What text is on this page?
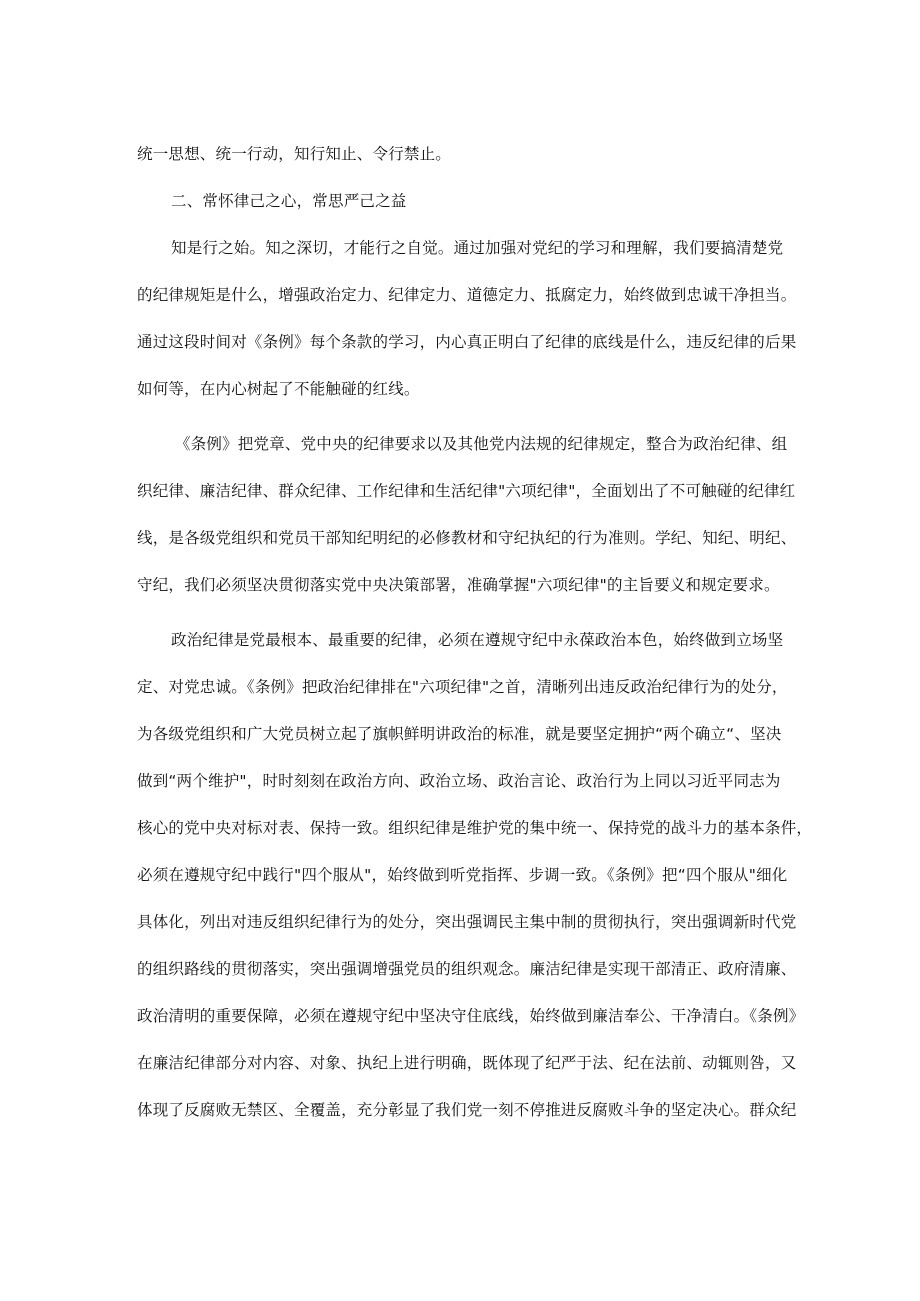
统一思想、统一行动，知行知止、令行禁止。
二、常怀律己之心，常思严己之益
知是行之始。知之深切，才能行之自觉。通过加强对党纪的学习和理解，我们要搞清楚党
的纪律规矩是什么，增强政治定力、纪律定力、道德定力、抵腐定力，始终做到忠诚干净担当。
通过这段时间对《条例》每个条款的学习，内心真正明白了纪律的底线是什么，违反纪律的后果
如何等，在内心树起了不能触碰的红线。
《条例》把党章、党中央的纪律要求以及其他党内法规的纪律规定，整合为政治纪律、组
织纪律、廉洁纪律、群众纪律、工作纪律和生活纪律"六项纪律"，全面划出了不可触碰的纪律红
线，是各级党组织和党员干部知纪明纪的必修教材和守纪执纪的行为准则。学纪、知纪、明纪、
守纪，我们必须坚决贯彻落实党中央决策部署，准确掌握"六项纪律"的主旨要义和规定要求。
政治纪律是党最根本、最重要的纪律，必须在遵规守纪中永葆政治本色，始终做到立场坚
定、对党忠诚。《条例》把政治纪律排在"六项纪律"之首，清晰列出违反政治纪律行为的处分，
为各级党组织和广大党员树立起了旗帜鲜明讲政治的标准，就是要坚定拥护“两个确立“、坚决
做到“两个维护"，时时刻刻在政治方向、政治立场、政治言论、政治行为上同以习近平同志为
核心的党中央对标对表、保持一致。组织纪律是维护党的集中统一、保持党的战斗力的基本条件，
必须在遵规守纪中践行"四个服从"，始终做到听党指挥、步调一致。《条例》把“四个服从"细化
具体化，列出对违反组织纪律行为的处分，突出强调民主集中制的贯彻执行，突出强调新时代党
的组织路线的贯彻落实，突出强调增强党员的组织观念。廉洁纪律是实现干部清正、政府清廉、
政治清明的重要保障，必须在遵规守纪中坚决守住底线，始终做到廉洁奉公、干净清白。《条例》
在廉洁纪律部分对内容、对象、执纪上进行明确，既体现了纪严于法、纪在法前、动辄则咎，又
体现了反腐败无禁区、全覆盖，充分彰显了我们党一刻不停推进反腐败斗争的坚定决心。群众纪
